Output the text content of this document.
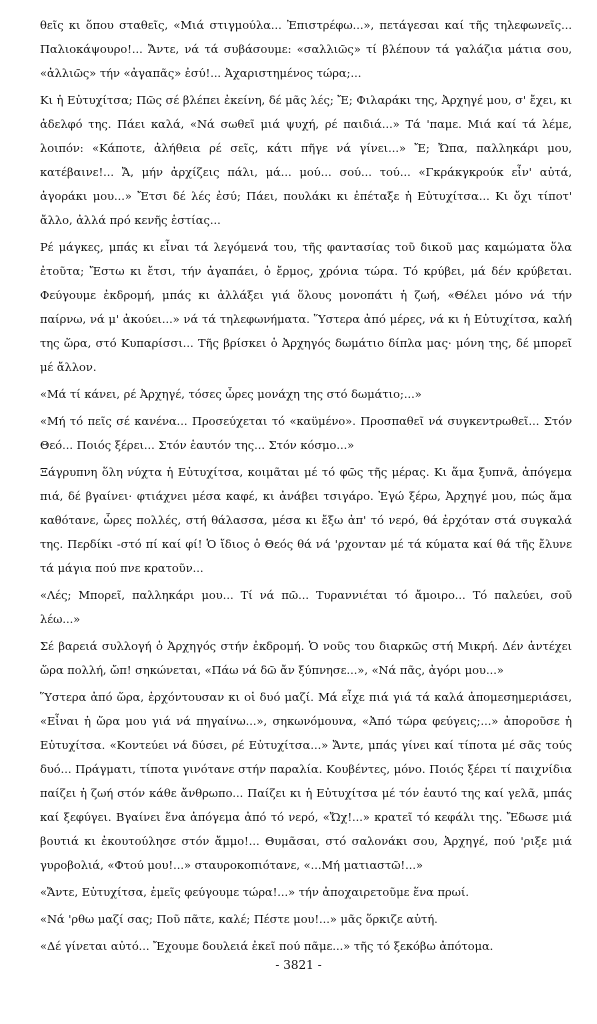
θεῖς κι ὅπου σταθεῖς, «Μιά στιγμούλα... Ἐπιστρέφω...», πετάγεσαι καί τῆς τηλεφωνεῖς... Παλιοκάψουρο!... Ἄντε, νά τά συβάσουμε: «σαλλιῶς» τί βλέπουν τά γαλάζια μάτια σου, «ἀλλιῶς» τήν «ἀγαπᾶς» ἐσύ!... Ἀχαριστημένος τώρα;...

Κι ἡ Εὐτυχίτσα; Πῶς σέ βλέπει ἐκείνη, δέ μᾶς λές; Ἔ; Φιλαράκι της, Ἀρχηγέ μου, σ' ἔχει, κι ἀδελφό της. Πάει καλά, «Νά σωθεῖ μιά ψυχή, ρέ παιδιά...» Τά 'παμε. Μιά καί τά λέμε, λοιπόν: «Κάποτε, ἀλήθεια ρέ σεῖς, κάτι πῆγε νά γίνει...» Ἔ; Ὤπα, παλληκάρι μου, κατέβαινε!... Ἄ, μήν ἀρχίζεις πάλι, μά... μού... σού... τού... «Γκράκγκρούκ εἶν' αὐτά, ἀγοράκι μου...» Ἔτσι δέ λές ἐσύ; Πάει, πουλάκι κι ἐπέταξε ἡ Εὐτυχίτσα... Κι ὄχι τίποτ' ἄλλο, ἀλλά πρό κενῆς ἑστίας...

Ρέ μάγκες, μπάς κι εἶναι τά λεγόμενά του, τῆς φαντασίας τοῦ δικοῦ μας καμώματα ὅλα ἐτοῦτα; Ἔστω κι ἔτσι, τήν ἀγαπάει, ὁ ἔρμος, χρόνια τώρα. Τό κρύβει, μά δέν κρύβεται. Φεύγουμε ἐκδρομή, μπάς κι ἀλλάξει γιά ὅλους μονοπάτι ἡ ζωή, «Θέλει μόνο νά τήν παίρνω, νά μ' ἀκούει...» νά τά τηλεφωνήματα. Ὕστερα ἀπό μέρες, νά κι ἡ Εὐτυχίτσα, καλή της ὥρα, στό Κυπαρίσσι... Τῆς βρίσκει ὁ Ἀρχηγός δωμάτιο δίπλα μας· μόνη της, δέ μπορεῖ μέ ἄλλον.

«Μά τί κάνει, ρέ Ἀρχηγέ, τόσες ὧρες μονάχη της στό δωμάτιο;...»

«Μή τό πεῖς σέ κανένα... Προσεύχεται τό «καϋμένο». Προσπαθεῖ νά συγκεντρωθεῖ... Στόν Θεό... Ποιός ξέρει... Στόν ἑαυτόν της... Στόν κόσμο...»

Ξάγρυπνη ὅλη νύχτα ἡ Εὐτυχίτσα, κοιμᾶται μέ τό φῶς τῆς μέρας. Κι ἅμα ξυπνᾶ, ἀπόγεμα πιά, δέ βγαίνει· φτιάχνει μέσα καφέ, κι ἀνάβει τσιγάρο. Ἐγώ ξέρω, Ἀρχηγέ μου, πώς ἅμα καθότανε, ὧρες πολλές, στή θάλασσα, μέσα κι ἔξω ἀπ' τό νερό, θά ἐρχόταν στά συγκαλά της. Περδίκι -στό πί καί φί! Ὁ ἴδιος ὁ Θεός θά νά 'ρχονταν μέ τά κύματα καί θά τῆς ἔλυνε τά μάγια πού πνε κρατοῦν...

«Λές; Μπορεῖ, παλληκάρι μου... Τί νά πῶ... Τυραννιέται τό ἄμοιρο... Τό παλεύει, σοῦ λέω...»

Σέ βαρειά συλλογή ὁ Ἀρχηγός στήν ἐκδρομή. Ὁ νοῦς του διαρκῶς στή Μικρή. Δέν ἀντέχει ὥρα πολλή, ὤπ! σηκώνεται, «Πάω νά δῶ ἄν ξύπνησε...», «Νά πᾶς, ἀγόρι μου...»

Ὕστερα ἀπό ὥρα, ἐρχόντουσαν κι οἱ δυό μαζί. Μά εἶχε πιά γιά τά καλά ἀπομεσημεριάσει, «Εἶναι ἡ ὥρα μου γιά νά πηγαίνω...», σηκωνόμουνα, «Ἀπό τώρα φεύγεις;...» ἀποροῦσε ἡ Εὐτυχίτσα. «Κοντεύει νά δύσει, ρέ Εὐτυχίτσα...» Ἄντε, μπάς γίνει καί τίποτα μέ σᾶς τούς δυό... Πράγματι, τίποτα γινότανε στήν παραλία. Κουβέντες, μόνο. Ποιός ξέρει τί παιχνίδια παίζει ἡ ζωή στόν κάθε ἄνθρωπο... Παίζει κι ἡ Εὐτυχίτσα μέ τόν ἑαυτό της καί γελᾶ, μπάς καί ξεφύγει. Βγαίνει ἕνα ἀπόγεμα ἀπό τό νερό, «Ὤχ!...» κρατεῖ τό κεφάλι της. Ἔδωσε μιά βουτιά κι ἐκουτούλησε στόν ἄμμο!... Θυμᾶσαι, στό σαλονάκι σου, Ἀρχηγέ, πού 'ριξε μιά γυροβολιά, «Φτού μου!...» σταυροκοπιότανε, «...Μή ματιαστῶ!...»

«Ἄντε, Εὐτυχίτσα, ἐμεῖς φεύγουμε τώρα!...» τήν ἀποχαιρετοῦμε ἕνα πρωί.

«Νά 'ρθω μαζί σας; Ποῦ πᾶτε, καλέ; Πέστε μου!...» μᾶς ὅρκιζε αὐτή.

«Δέ γίνεται αὐτό... Ἔχουμε δουλειά ἐκεῖ πού πᾶμε...» τῆς τό ξεκόβω ἀπότομα.

- 3821 -
